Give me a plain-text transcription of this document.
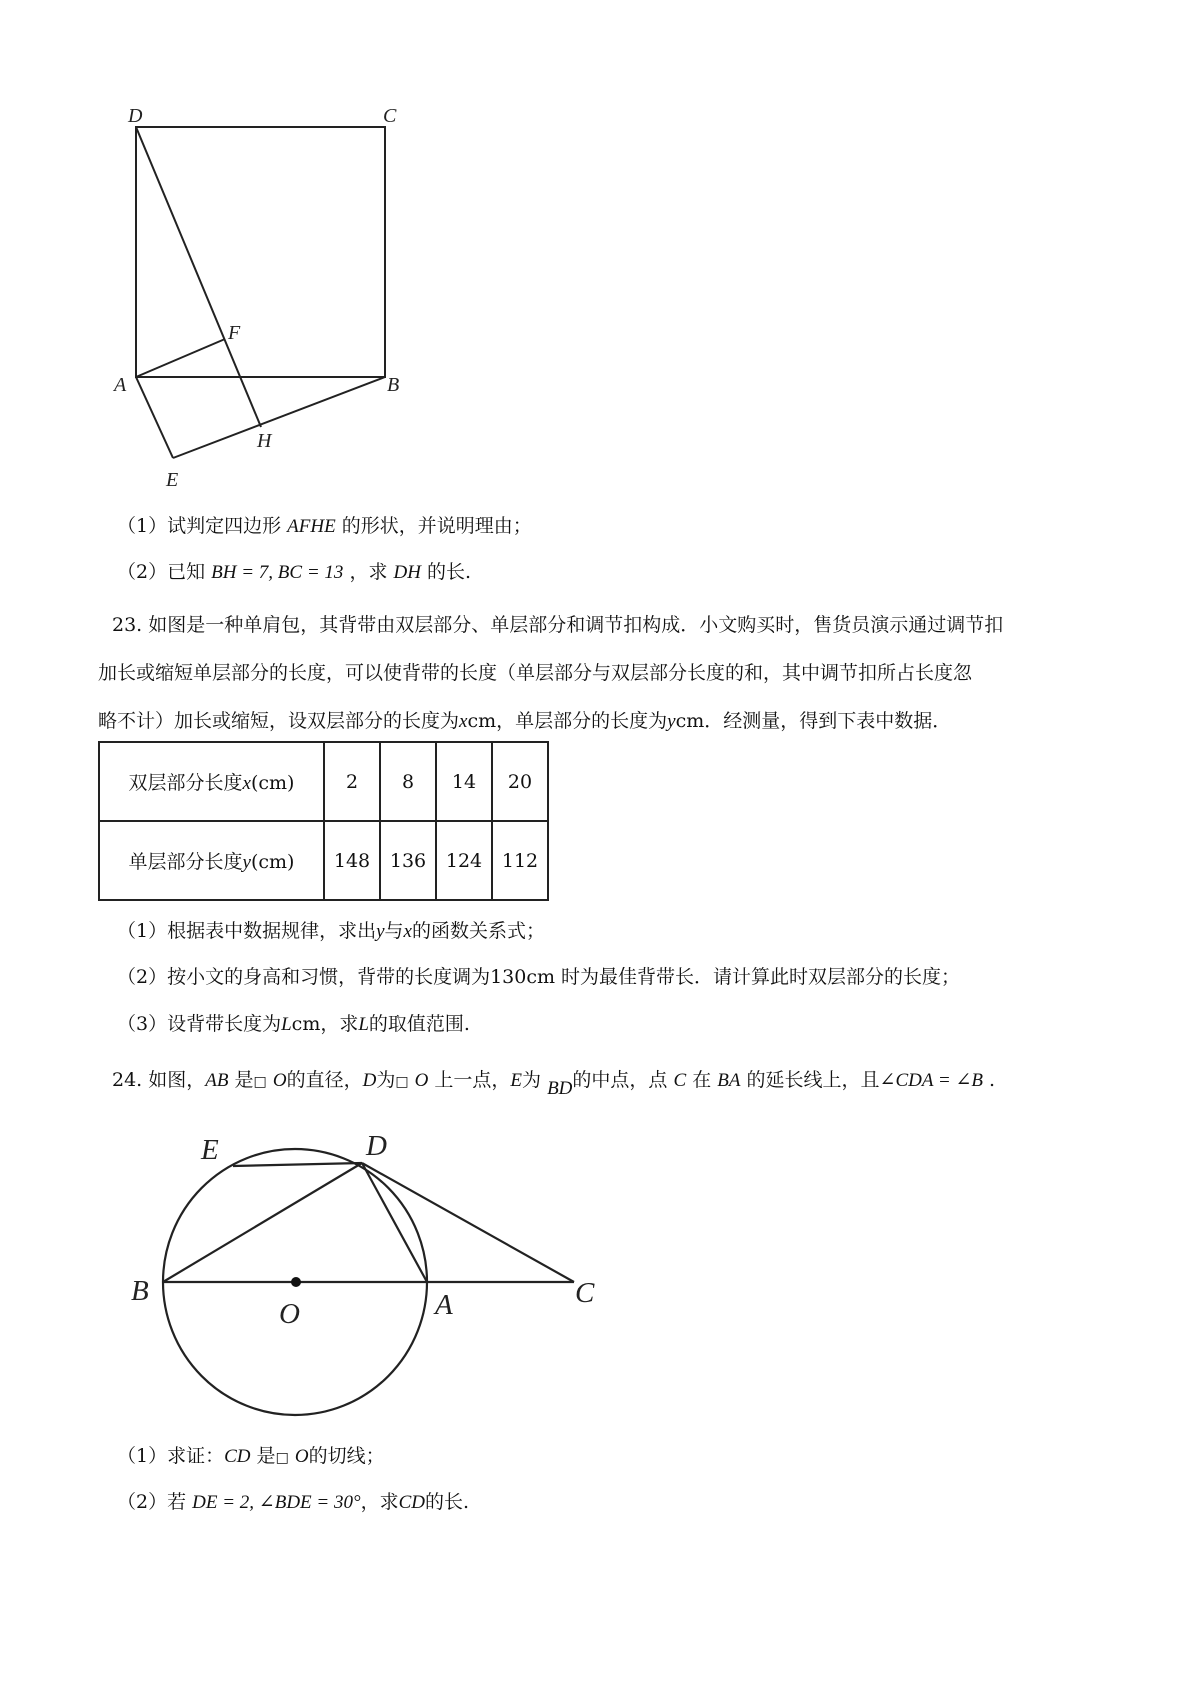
D	C
F
A	B
H
E
（1）试判定四边形 AFHE 的形状，并说明理由；
（2）已知 BH = 7, BC = 13 ，求 DH 的长.
23. 如图是一种单肩包，其背带由双层部分、单层部分和调节扣构成．小文购买时，售货员演示通过调节扣
加长或缩短单层部分的长度，可以使背带的长度（单层部分与双层部分长度的和，其中调节扣所占长度忽
略不计）加长或缩短，设双层部分的长度为xcm，单层部分的长度为ycm．经测量，得到下表中数据．
双层部分长度x(cm)	2	8	14	20
单层部分长度y(cm)	148	136	124	112
（1）根据表中数据规律，求出y与x的函数关系式；
（2）按小文的身高和习惯，背带的长度调为130cm 时为最佳背带长．请计算此时双层部分的长度；
（3）设背带长度为Lcm，求L的取值范围.
24. 如图，AB 是□ O的直径，D为□ O 上一点，E为 BD的中点，点 C 在 BA 的延长线上，且∠CDA = ∠B .
E	D
B
O	A	C
（1）求证：CD 是□ O的切线；
（2）若 DE = 2, ∠BDE = 30°，求CD的长.
